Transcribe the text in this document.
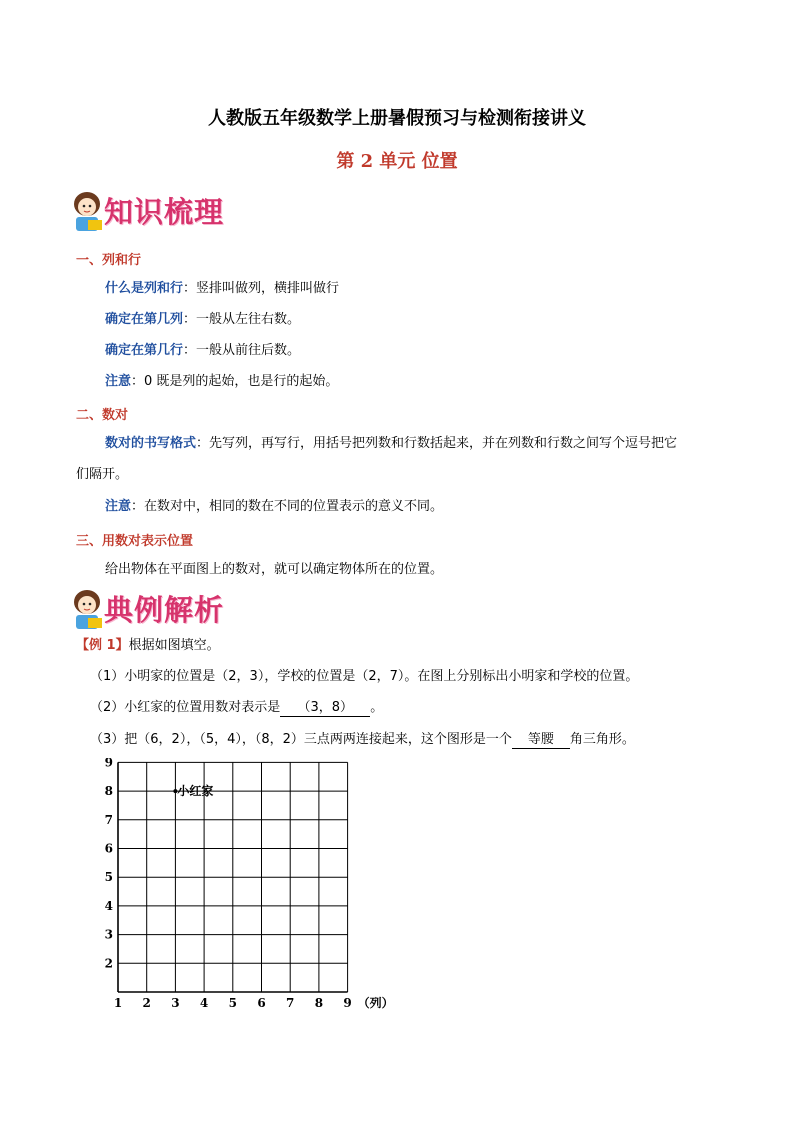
人教版五年级数学上册暑假预习与检测衔接讲义
第 2 单元 位置
知识梳理
一、列和行
什么是列和行：竖排叫做列，横排叫做行
确定在第几列：一般从左往右数。
确定在第几行：一般从前往后数。
注意：0 既是列的起始，也是行的起始。
二、数对
数对的书写格式：先写列，再写行，用括号把列数和行数括起来，并在列数和行数之间写个逗号把它
们隔开。
注意：在数对中，相同的数在不同的位置表示的意义不同。
三、用数对表示位置
给出物体在平面图上的数对，就可以确定物体所在的位置。
典例解析
【例 1】根据如图填空。
（1）小明家的位置是（2，3），学校的位置是（2，7）。在图上分别标出小明家和学校的位置。
（2）小红家的位置用数对表示是 （3，8） 。
（3）把（6，2），（5，4），（8，2）三点两两连接起来，这个图形是一个 等腰 角三角形。
1 2 3 4 5 6 7 8 9
2
3
4
5
6
7
8
9
（列）
小红家
